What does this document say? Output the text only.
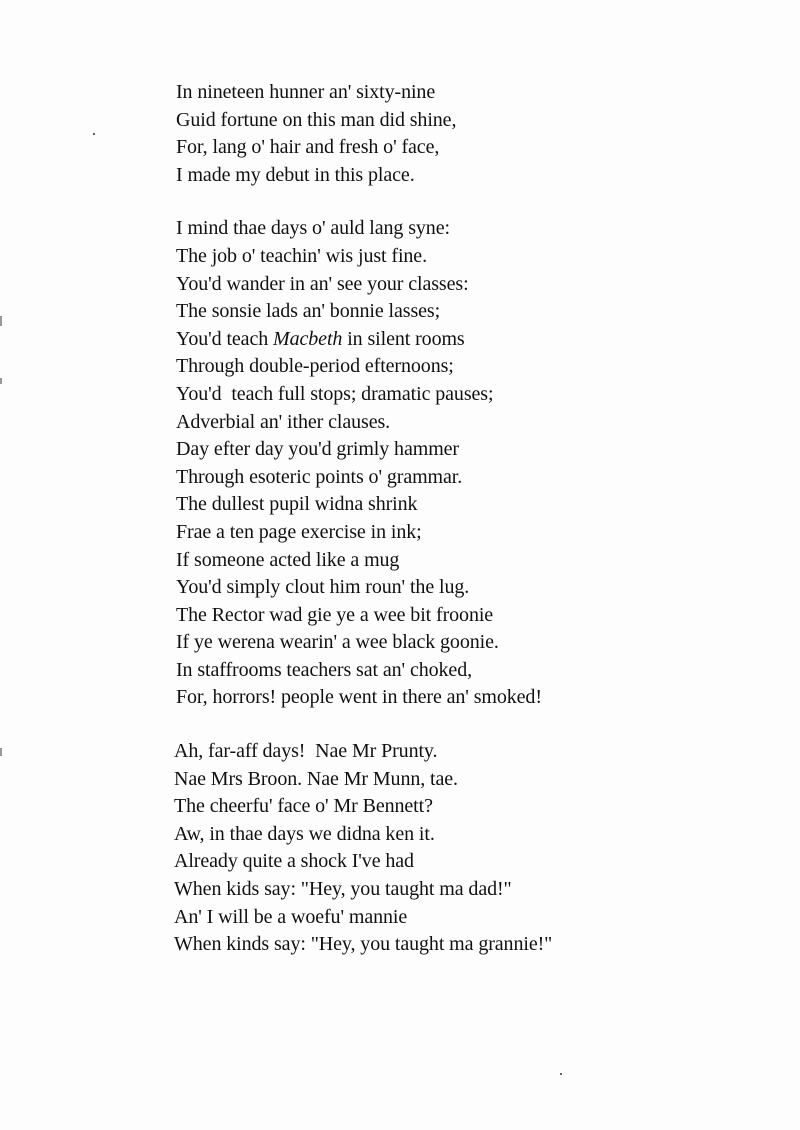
In nineteen hunner an' sixty-nine
Guid fortune on this man did shine,
For, lang o' hair and fresh o' face,
I made my debut in this place.
I mind thae days o' auld lang syne:
The job o' teachin' wis just fine.
You'd wander in an' see your classes:
The sonsie lads an' bonnie lasses;
You'd teach Macbeth in silent rooms
Through double-period efternoons;
You'd  teach full stops; dramatic pauses;
Adverbial an' ither clauses.
Day efter day you'd grimly hammer
Through esoteric points o' grammar.
The dullest pupil widna shrink
Frae a ten page exercise in ink;
If someone acted like a mug
You'd simply clout him roun' the lug.
The Rector wad gie ye a wee bit froonie
If ye werena wearin' a wee black goonie.
In staffrooms teachers sat an' choked,
For, horrors! people went in there an' smoked!
Ah, far-aff days!  Nae Mr Prunty.
Nae Mrs Broon. Nae Mr Munn, tae.
The cheerfu' face o' Mr Bennett?
Aw, in thae days we didna ken it.
Already quite a shock I've had
When kids say: "Hey, you taught ma dad!"
An' I will be a woefu' mannie
When kinds say: "Hey, you taught ma grannie!"
